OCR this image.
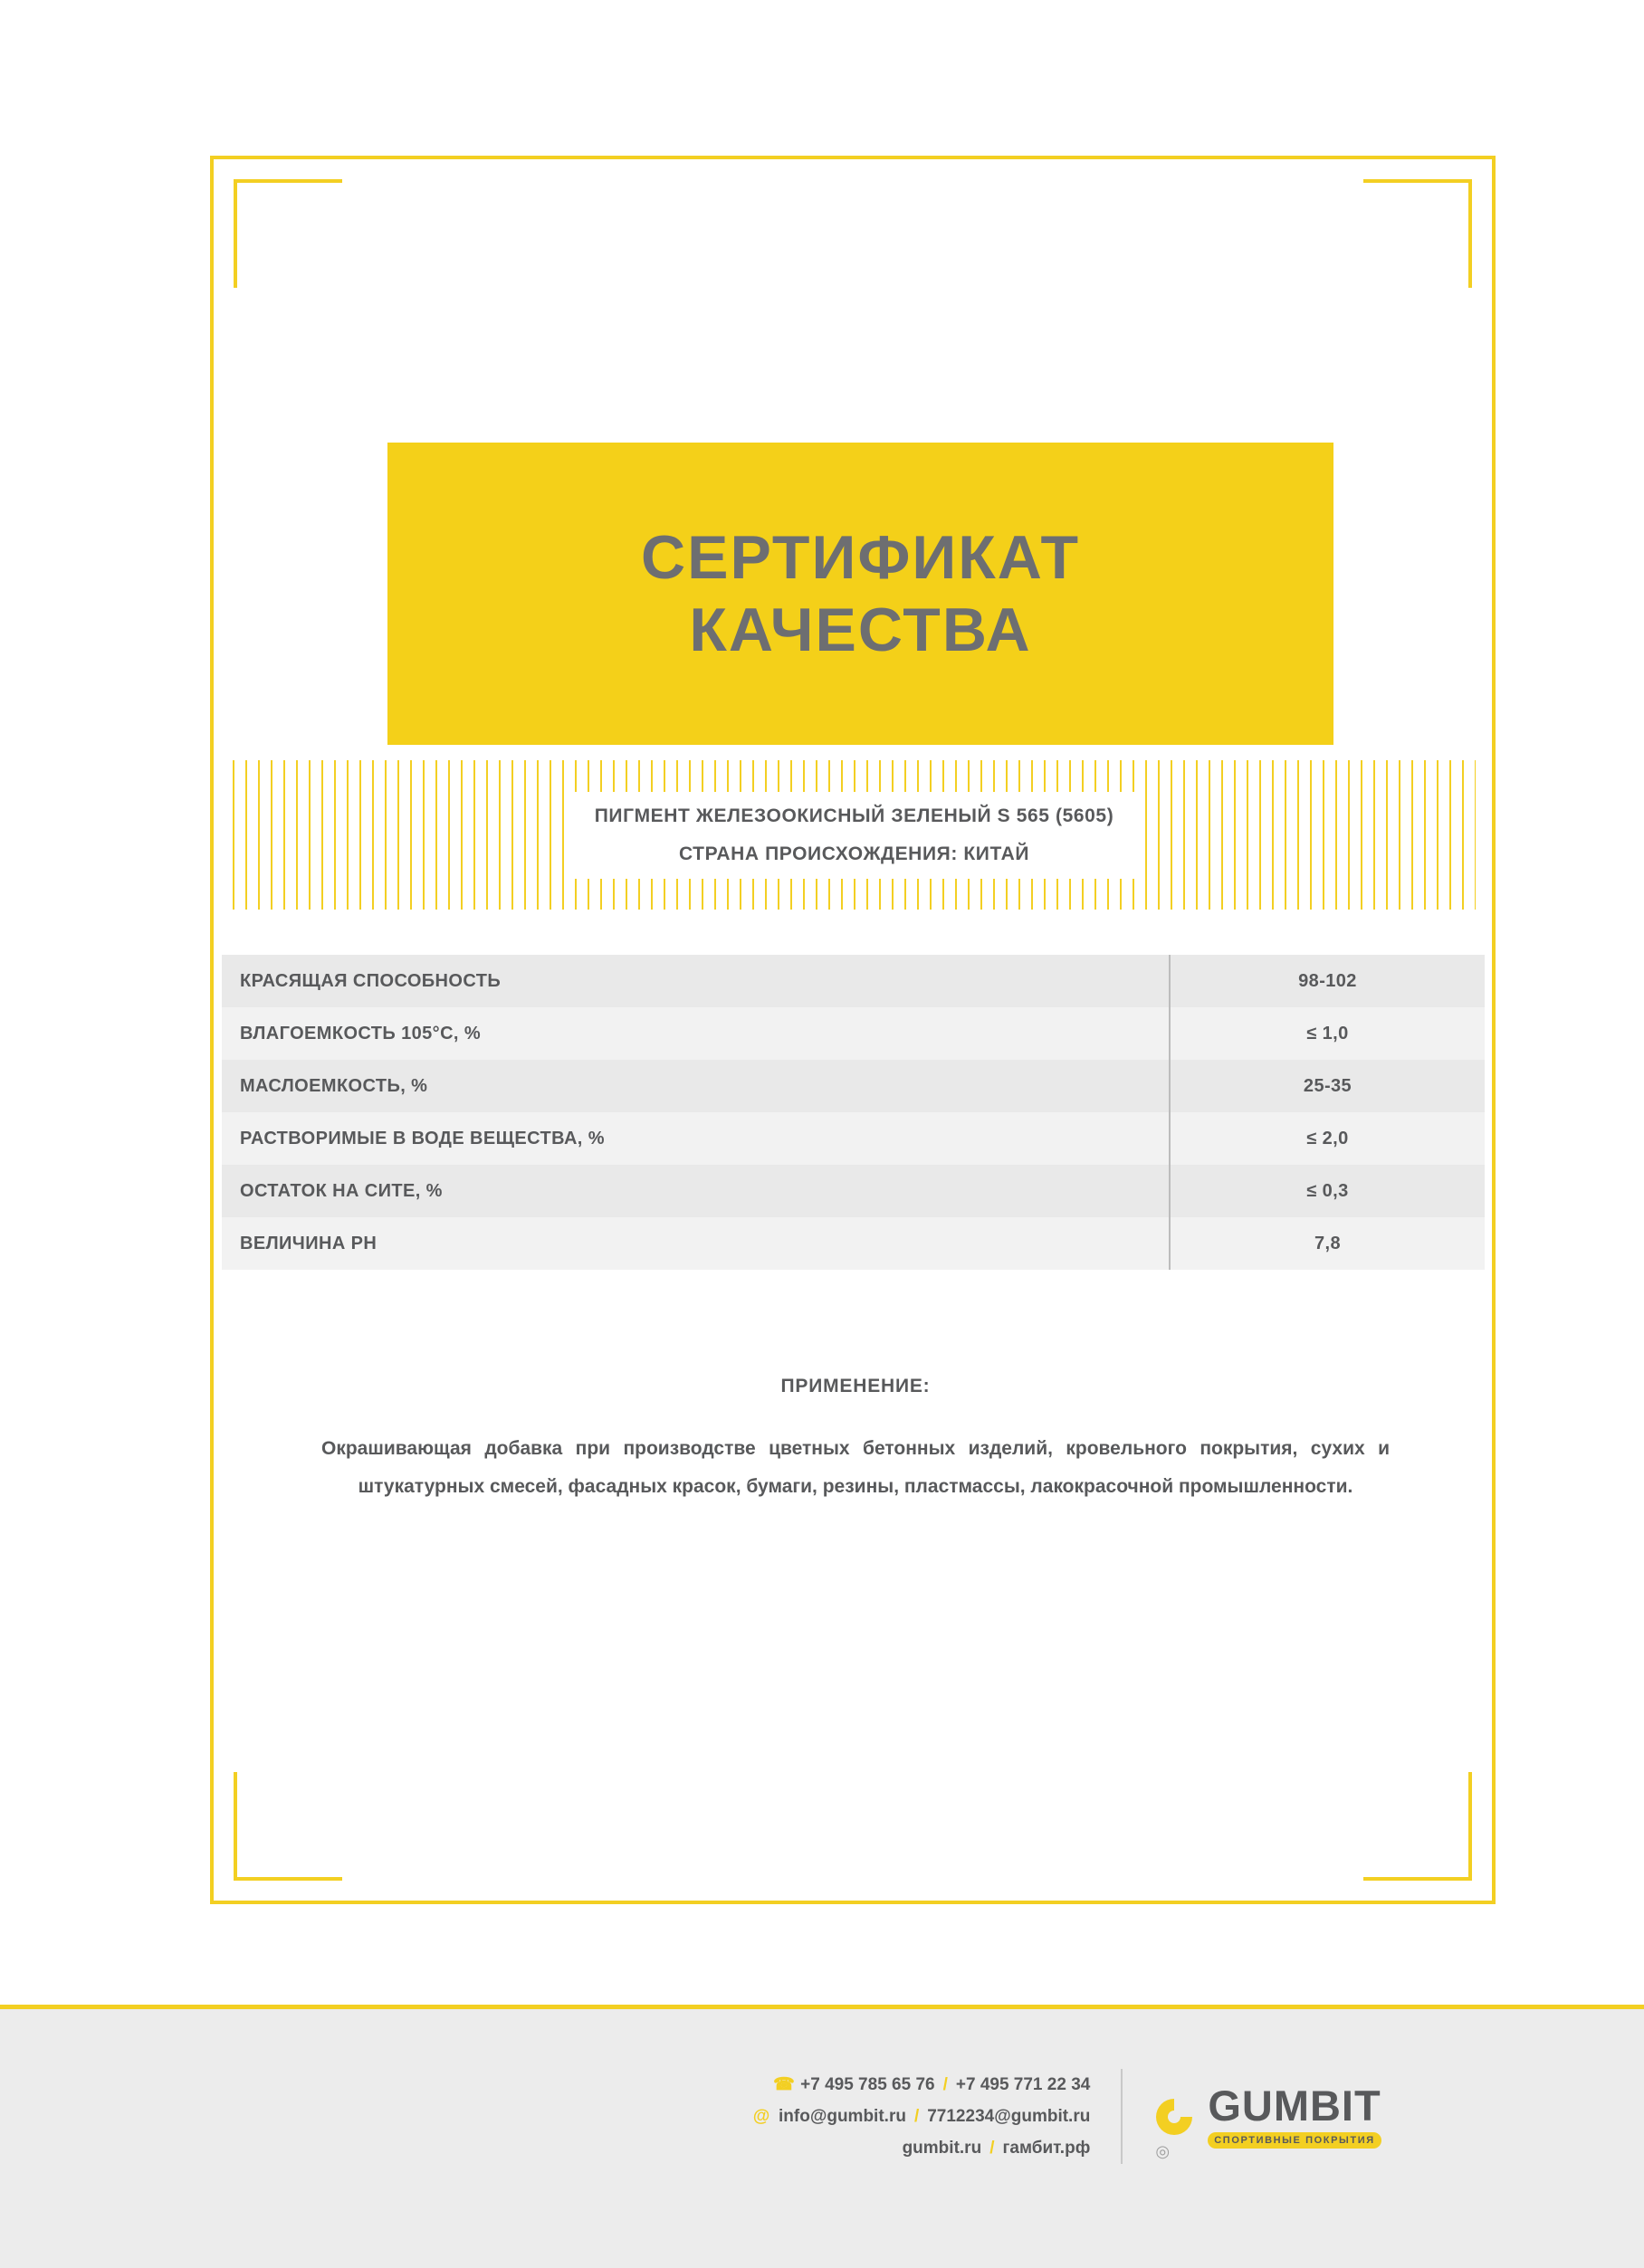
СЕРТИФИКАТ
КАЧЕСТВА
ПИГМЕНТ ЖЕЛЕЗООКИСНЫЙ ЗЕЛЕНЫЙ S 565 (5605)
СТРАНА ПРОИСХОЖДЕНИЯ: КИТАЙ
КРАСЯЩАЯ СПОСОБНОСТЬ	98-102
ВЛАГОЕМКОСТЬ 105°С, %	≤ 1,0
МАСЛОЕМКОСТЬ, %	25-35
РАСТВОРИМЫЕ В ВОДЕ ВЕЩЕСТВА, %	≤ 2,0
ОСТАТОК НА СИТЕ, %	≤ 0,3
ВЕЛИЧИНА PH	7,8
ПРИМЕНЕНИЕ:
Окрашивающая добавка при производстве цветных бетонных изделий, кровельного покрытия, сухих и штукатурных смесей, фасадных красок, бумаги, резины, пластмассы, лакокрасочной промышленности.
☎ +7 495 785 65 76 / +7 495 771 22 34
@ info@gumbit.ru / 7712234@gumbit.ru
gumbit.ru / гамбит.рф	◎
GUMBIT
СПОРТИВНЫЕ ПОКРЫТИЯ
